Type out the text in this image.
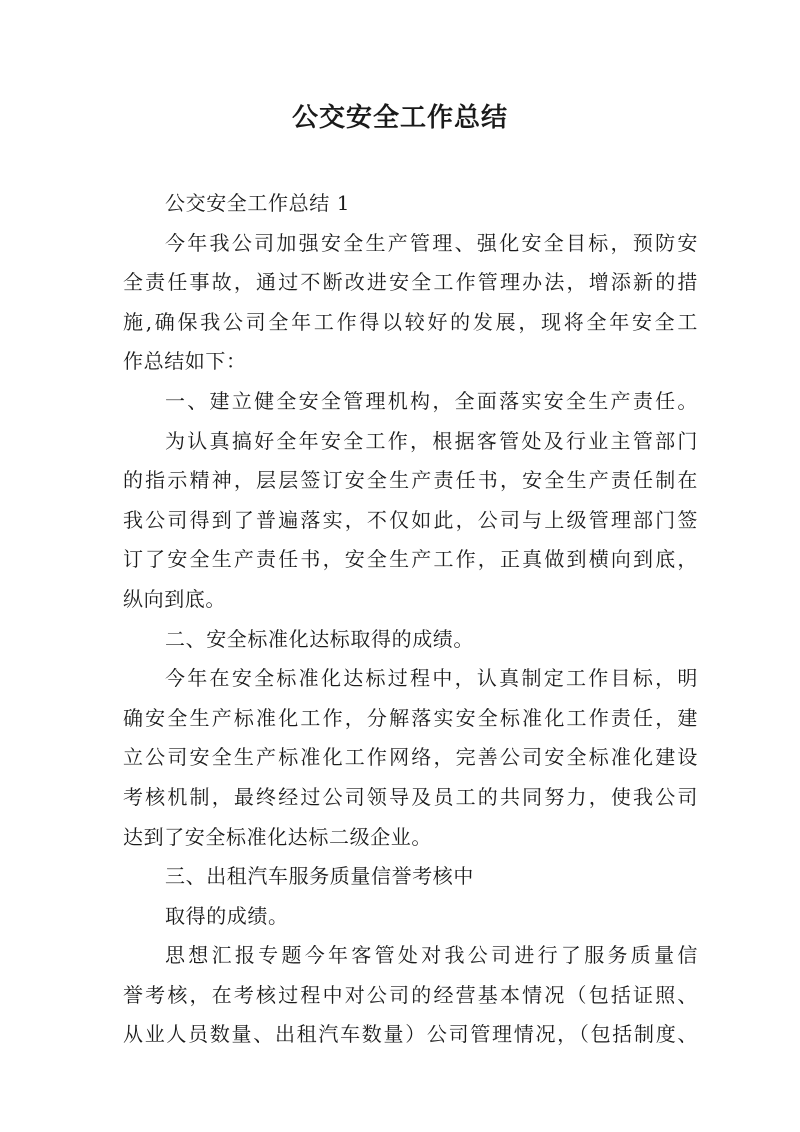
公交安全工作总结
公交安全工作总结 1
今年我公司加强安全生产管理、强化安全目标，预防安
全责任事故，通过不断改进安全工作管理办法，增添新的措
施,确保我公司全年工作得以较好的发展，现将全年安全工
作总结如下：
一、建立健全安全管理机构，全面落实安全生产责任。
为认真搞好全年安全工作，根据客管处及行业主管部门
的指示精神，层层签订安全生产责任书，安全生产责任制在
我公司得到了普遍落实，不仅如此，公司与上级管理部门签
订了安全生产责任书，安全生产工作，正真做到横向到底，
纵向到底。
二、安全标准化达标取得的成绩。
今年在安全标准化达标过程中，认真制定工作目标，明
确安全生产标准化工作，分解落实安全标准化工作责任，建
立公司安全生产标准化工作网络，完善公司安全标准化建设
考核机制，最终经过公司领导及员工的共同努力，使我公司
达到了安全标准化达标二级企业。
三、出租汽车服务质量信誉考核中
取得的成绩。
思想汇报专题今年客管处对我公司进行了服务质量信
誉考核，在考核过程中对公司的经营基本情况（包括证照、
从业人员数量、出租汽车数量）公司管理情况，（包括制度、
